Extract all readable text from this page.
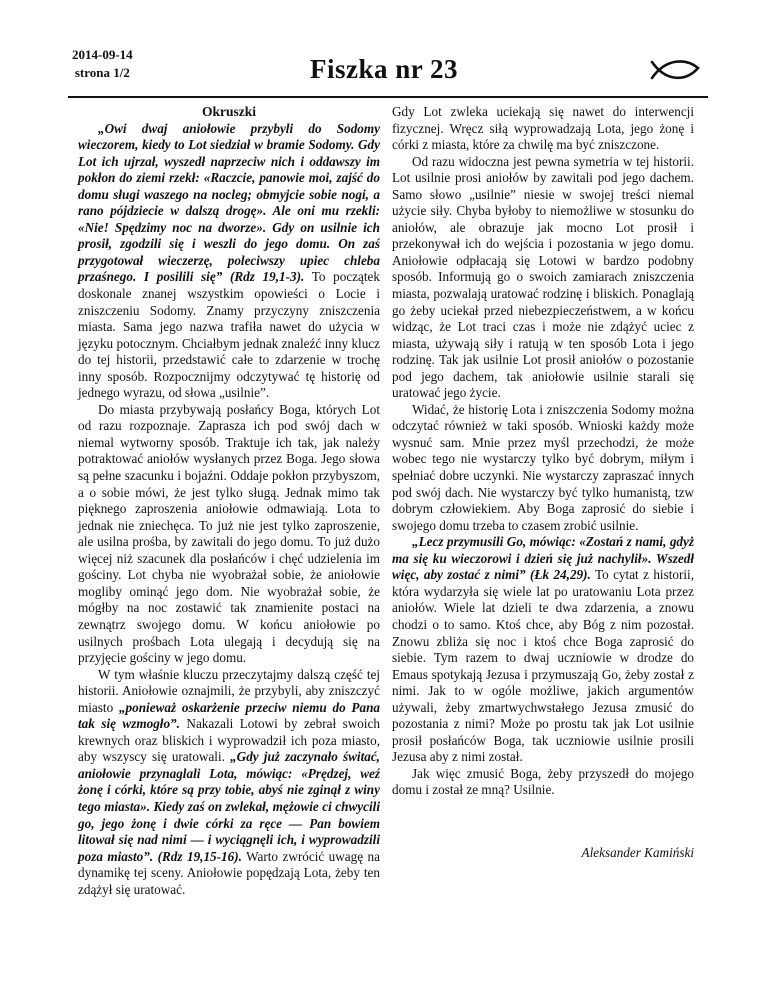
2014-09-14
strona 1/2	Fiszka nr 23

Okruszki

„Owi dwaj aniołowie przybyli do Sodomy wieczorem, kiedy to Lot siedział w bramie Sodomy. Gdy Lot ich ujrzał, wyszedł naprzeciw nich i oddawszy im pokłon do ziemi rzekł: «Raczcie, panowie moi, zajść do domu sługi waszego na nocleg; obmyjcie sobie nogi, a rano pójdziecie w dalszą drogę». Ale oni mu rzekli: «Nie! Spędzimy noc na dworze». Gdy on usilnie ich prosił, zgodzili się i weszli do jego domu. On zaś przygotował wieczerzę, poleciwszy upiec chleba przaśnego. I posilili się” (Rdz 19,1-3). To początek doskonale znanej wszystkim opowieści o Locie i zniszczeniu Sodomy. Znamy przyczyny zniszczenia miasta. Sama jego nazwa trafiła nawet do użycia w języku potocznym. Chciałbym jednak znaleźć inny klucz do tej historii, przedstawić całe to zdarzenie w trochę inny sposób. Rozpocznijmy odczytywać tę historię od jednego wyrazu, od słowa „usilnie”.

Do miasta przybywają posłańcy Boga, których Lot od razu rozpoznaje. Zaprasza ich pod swój dach w niemal wytworny sposób. Traktuje ich tak, jak należy potraktować aniołów wysłanych przez Boga. Jego słowa są pełne szacunku i bojaźni. Oddaje pokłon przybyszom, a o sobie mówi, że jest tylko sługą. Jednak mimo tak pięknego zaproszenia aniołowie odmawiają. Lota to jednak nie zniechęca. To już nie jest tylko zaproszenie, ale usilna prośba, by zawitali do jego domu. To już dużo więcej niż szacunek dla posłańców i chęć udzielenia im gościny. Lot chyba nie wyobrażał sobie, że aniołowie mogliby ominąć jego dom. Nie wyobrażał sobie, że mógłby na noc zostawić tak znamienite postaci na zewnątrz swojego domu. W końcu aniołowie po usilnych prośbach Lota ulegają i decydują się na przyjęcie gościny w jego domu.

W tym właśnie kluczu przeczytajmy dalszą część tej historii. Aniołowie oznajmili, że przybyli, aby zniszczyć miasto „ponieważ oskarżenie przeciw niemu do Pana tak się wzmogło”. Nakazali Lotowi by zebrał swoich krewnych oraz bliskich i wyprowadził ich poza miasto, aby wszyscy się uratowali. „Gdy już zaczynało świtać, aniołowie przynaglali Lota, mówiąc: «Prędzej, weź żonę i córki, które są przy tobie, abyś nie zginął z winy tego miasta». Kiedy zaś on zwlekał, mężowie ci chwycili go, jego żonę i dwie córki za ręce — Pan bowiem litował się nad nimi — i wyciągnęli ich, i wyprowadzili poza miasto”. (Rdz 19,15-16). Warto zwrócić uwagę na dynamikę tej sceny. Aniołowie popędzają Lota, żeby ten zdążył się uratować.

Gdy Lot zwleka uciekają się nawet do interwencji fizycznej. Wręcz siłą wyprowadzają Lota, jego żonę i córki z miasta, które za chwilę ma być zniszczone.

Od razu widoczna jest pewna symetria w tej historii. Lot usilnie prosi aniołów by zawitali pod jego dachem. Samo słowo „usilnie” niesie w swojej treści niemal użycie siły. Chyba byłoby to niemożliwe w stosunku do aniołów, ale obrazuje jak mocno Lot prosił i przekonywał ich do wejścia i pozostania w jego domu. Aniołowie odpłacają się Lotowi w bardzo podobny sposób. Informują go o swoich zamiarach zniszczenia miasta, pozwalają uratować rodzinę i bliskich. Ponaglają go żeby uciekał przed niebezpieczeństwem, a w końcu widząc, że Lot traci czas i może nie zdążyć uciec z miasta, używają siły i ratują w ten sposób Lota i jego rodzinę. Tak jak usilnie Lot prosił aniołów o pozostanie pod jego dachem, tak aniołowie usilnie starali się uratować jego życie.

Widać, że historię Lota i zniszczenia Sodomy można odczytać również w taki sposób. Wnioski każdy może wysnuć sam. Mnie przez myśl przechodzi, że może wobec tego nie wystarczy tylko być dobrym, miłym i spełniać dobre uczynki. Nie wystarczy zapraszać innych pod swój dach. Nie wystarczy być tylko humanistą, tzw dobrym człowiekiem. Aby Boga zaprosić do siebie i swojego domu trzeba to czasem zrobić usilnie.

„Lecz przymusili Go, mówiąc: «Zostań z nami, gdyż ma się ku wieczorowi i dzień się już nachylił». Wszedł więc, aby zostać z nimi” (Łk 24,29). To cytat z historii, która wydarzyła się wiele lat po uratowaniu Lota przez aniołów. Wiele lat dzieli te dwa zdarzenia, a znowu chodzi o to samo. Ktoś chce, aby Bóg z nim pozostał. Znowu zbliża się noc i ktoś chce Boga zaprosić do siebie. Tym razem to dwaj uczniowie w drodze do Emaus spotykają Jezusa i przymuszają Go, żeby został z nimi. Jak to w ogóle możliwe, jakich argumentów używali, żeby zmartwychwstałego Jezusa zmusić do pozostania z nimi? Może po prostu tak jak Lot usilnie prosił posłańców Boga, tak uczniowie usilnie prosili Jezusa aby z nimi został.

Jak więc zmusić Boga, żeby przyszedł do mojego domu i został ze mną? Usilnie.

Aleksander Kamiński
